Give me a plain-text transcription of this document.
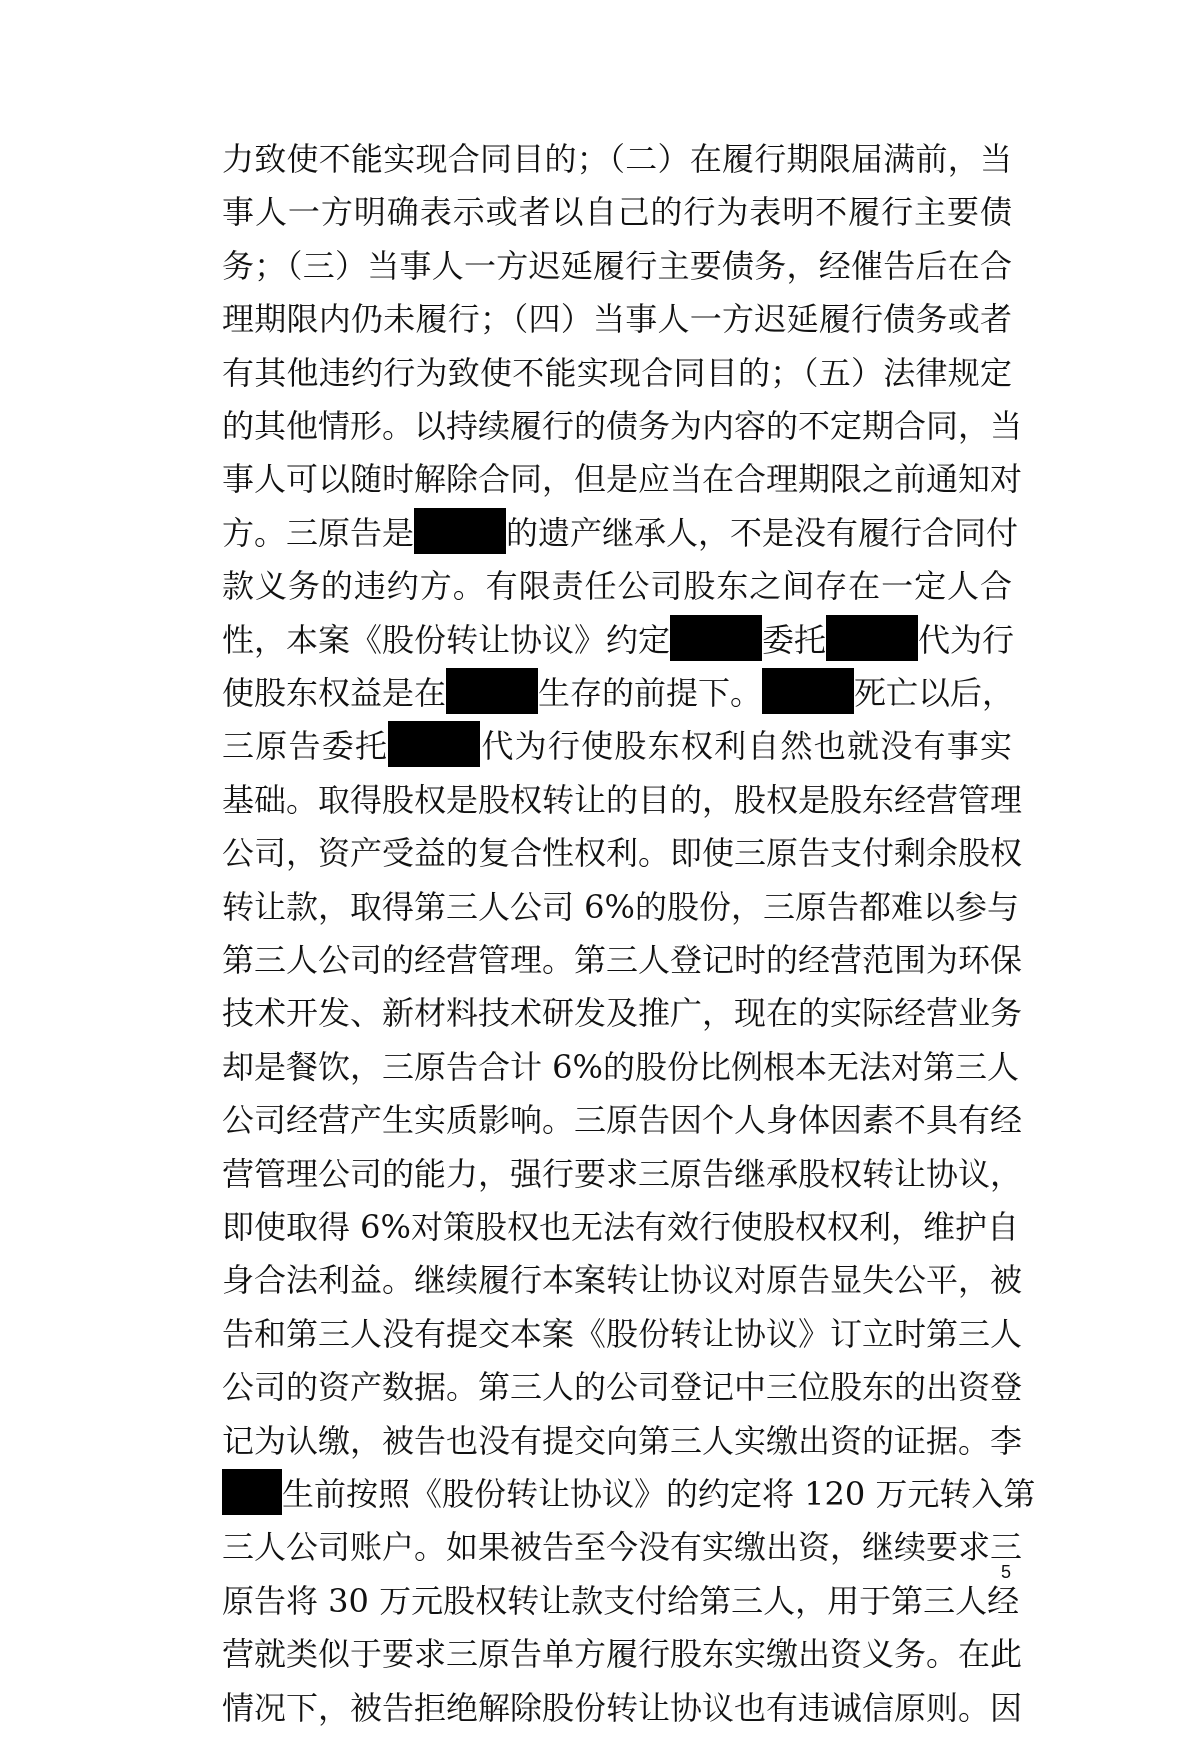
力致使不能实现合同目的；（二）在履行期限届满前，当
事人一方明确表示或者以自己的行为表明不履行主要债
务；（三）当事人一方迟延履行主要债务，经催告后在合
理期限内仍未履行；（四）当事人一方迟延履行债务或者
有其他违约行为致使不能实现合同目的；（五）法律规定
的其他情形。以持续履行的债务为内容的不定期合同，当
事人可以随时解除合同，但是应当在合理期限之前通知对
方。三原告是	的遗产继承人，不是没有履行合同付
款义务的违约方。有限责任公司股东之间存在一定人合
性，本案《股份转让协议》约定	委托	代为行
使股东权益是在	生存的前提下。	死亡以后，
三原告委托	代为行使股东权利自然也就没有事实
基础。取得股权是股权转让的目的，股权是股东经营管理
公司，资产受益的复合性权利。即使三原告支付剩余股权
转让款，取得第三人公司 6%的股份，三原告都难以参与
第三人公司的经营管理。第三人登记时的经营范围为环保
技术开发、新材料技术研发及推广，现在的实际经营业务
却是餐饮，三原告合计 6%的股份比例根本无法对第三人
公司经营产生实质影响。三原告因个人身体因素不具有经
营管理公司的能力，强行要求三原告继承股权转让协议，
即使取得 6%对策股权也无法有效行使股权权利，维护自
身合法利益。继续履行本案转让协议对原告显失公平，被
告和第三人没有提交本案《股份转让协议》订立时第三人
公司的资产数据。第三人的公司登记中三位股东的出资登
记为认缴，被告也没有提交向第三人实缴出资的证据。李
生前按照《股份转让协议》的约定将 120 万元转入第
三人公司账户。如果被告至今没有实缴出资，继续要求三
原告将 30 万元股权转让款支付给第三人，用于第三人经
营就类似于要求三原告单方履行股东实缴出资义务。在此
情况下，被告拒绝解除股份转让协议也有违诚信原则。因
5
